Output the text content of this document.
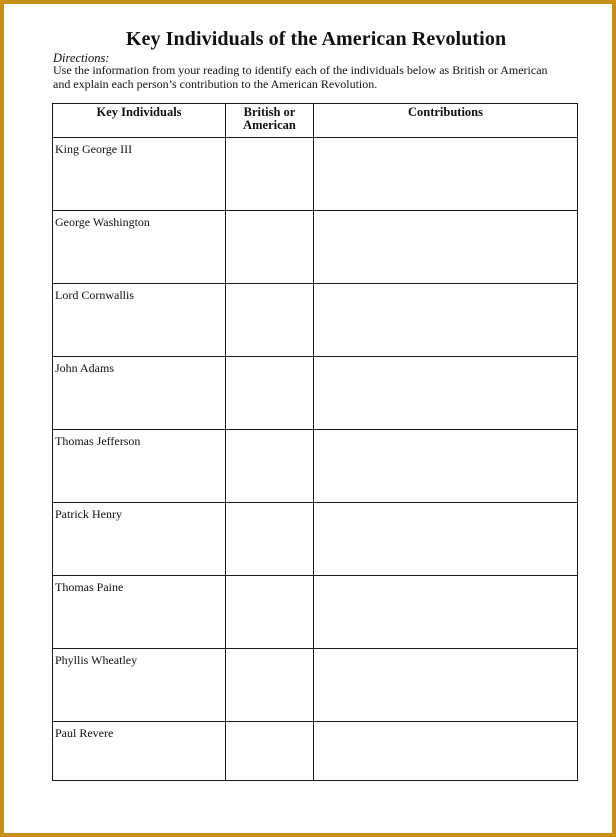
Key Individuals of the American Revolution
Directions:
Use the information from your reading to identify each of the individuals below as British or American and explain each person’s contribution to the American Revolution.
Key Individuals	British or American	Contributions

King George III		

George Washington		

Lord Cornwallis		

John Adams		

Thomas Jefferson		

Patrick Henry		

Thomas Paine		

Phyllis Wheatley		

Paul Revere		
